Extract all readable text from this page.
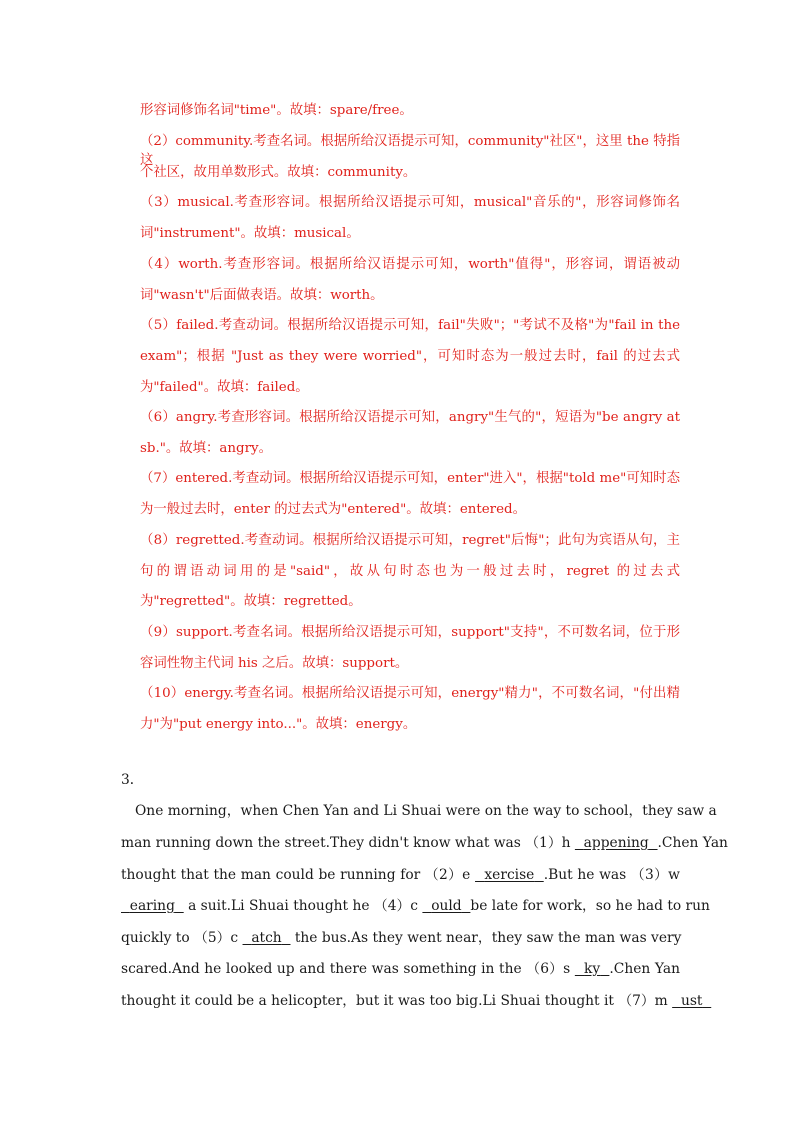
形容词修饰名词"time"。故填：spare/free。
（2）community.考查名词。根据所给汉语提示可知，community"社区"，这里 the 特指这
个社区，故用单数形式。故填：community。
（3）musical.考查形容词。根据所给汉语提示可知，musical"音乐的"，形容词修饰名
词"instrument"。故填：musical。
（4）worth.考查形容词。根据所给汉语提示可知，worth"值得"，形容词，谓语被动
词"wasn't"后面做表语。故填：worth。
（5）failed.考查动词。根据所给汉语提示可知，fail"失败"；"考试不及格"为"fail in the
exam"；根据 "Just as they were worried"，可知时态为一般过去时，fail 的过去式
为"failed"。故填：failed。
（6）angry.考查形容词。根据所给汉语提示可知，angry"生气的"，短语为"be angry at
sb."。故填：angry。
（7）entered.考查动词。根据所给汉语提示可知，enter"进入"，根据"told me"可知时态
为一般过去时，enter 的过去式为"entered"。故填：entered。
（8）regretted.考查动词。根据所给汉语提示可知，regret"后悔"；此句为宾语从句，主
句的谓语动词用的是"said"，故从句时态也为一般过去时，regret 的过去式
为"regretted"。故填：regretted。
（9）support.考查名词。根据所给汉语提示可知，support"支持"，不可数名词，位于形
容词性物主代词 his 之后。故填：support。
（10）energy.考查名词。根据所给汉语提示可知，energy"精力"，不可数名词，"付出精
力"为"put energy into..."。故填：energy。
3．
One morning，when Chen Yan and Li Shuai were on the way to school，they saw a
man running down the street.They didn't know what was （1）h appening .Chen Yan
thought that the man could be running for （2）e xercise .But he was （3）w
earing a suit.Li Shuai thought he （4）c ould be late for work，so he had to run
quickly to （5）c atch the bus.As they went near，they saw the man was very
scared.And he looked up and there was something in the （6）s ky .Chen Yan
thought it could be a helicopter，but it was too big.Li Shuai thought it （7）m ust
